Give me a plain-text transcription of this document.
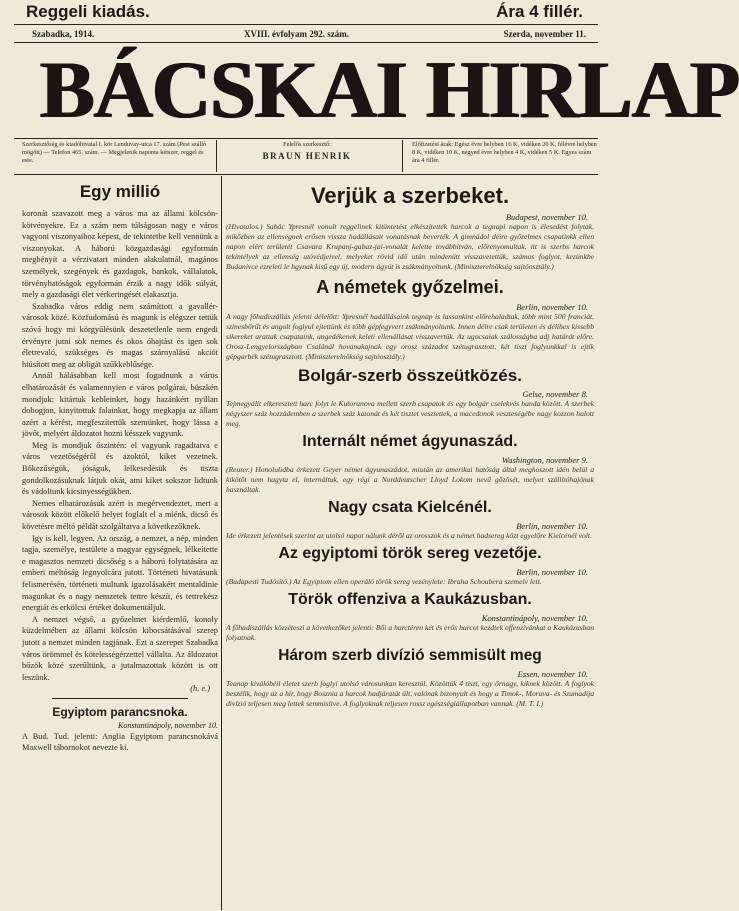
Reggeli kiadás.	Ára 4 fillér.
Szabadka, 1914.	XVIII. évfolyam 292. szám.	Szerda, november 11.
BÁCSKAI HIRLAP
Szerkesztőség és kiadóhivatal I. kör Lenduvay-utca 17. szám (Pest szálló mögött) — Telefon 465. szám. — Megjelenik naponta kétszer, reggel és este.
Felelős szerkesztő:
BRAUN HENRIK
Előfizetési árak: Egész évre helyben 16 K, vidéken 20 K, félévre helyben 8 K, vidéken 10 K, negyed évre helyben 4 K, vidéken 5 K. Egyes szám ára 4 fillér.
Egy millió

koronát szavazott meg a város ma az állami kölcsön-kötvényekre. Ez a szám nem túlságosan nagy e város vagyoni viszonyaihoz képest, de tekintetbe kell vennünk a viszonyokat. A háború közgazdasági egyformán megbényít a vérzivatart minden alakulatnál, magános személyek, szegények és gazdagok, bankok, vállalatok, törvényhatóságok egyformán érzik a nagy idők súlyát, mely a gazdasági élet vérkeringését elakasztja.

Szabadka város eddig nem számíttott a gavallér-városok közé. Közfudomású és magunk is elégszer tettük szóvá hogy mi körgyűlésünk deszetetlenle nem engedi érvényre jutni sok nemes és okos óhajtást és igen sok életrevaló, szükséges és magas szárnyalású akciót hiúsított meg az obligát szűkkeblűsége.

Annál hálásabban kell most fogadnunk a város elhatározását és valamennyien e város polgárai, büszkén mondjuk: kitártuk kebleinket, hogy hazánkért nyillan dobogjon, kinyitottuk falainkat, hogy megkapja az állam azért a kérést, megfeszítettük szemünket, hogy lássa a jövőt, melyért áldozatot hozni késszek vagyunk.

Meg is mondjuk őszintén: el vagyunk ragadtatva e város vezetőségéről és azoktól, kiket vezetnek. Bőkezűségük, jóságuk, lelkesedésük és tiszta gondolkozásuknak látjuk okát, ami kiket sokszor lidtunk és vádoltunk kicsinyességükben.

Nemes elhatározásuk azért is megérvendeztet, mert a városok között előkelő helyet foglalt el a miénk, dicső és követésre méltó példát szolgáltatva a következőknek.

Igy is kell, legyen. Az ország, a nemzet, a nép, minden tagja, személye, testülete a magyar egységnek, lélkeítette e magasztos nemzeti dicsőség s a háború folytatására az emberi méltóság legnyolcára jutott. Történeti hivatásunk felismerésén, történeti multunk igazolásakért mentaldinie magunkat és a nagy nemzetek tettre készít, és tettrekész energiát és erkölcsi értéket dokumentáljuk.

A nemzet végső, a győzelmet kiérdemlő, konoly küzdelmében az állami kölcsön kibocsátásával szerep jutott a nemzet minden tagjának. Ezt a szerepet Szabadka város örömmel és kötelességérzettel vállalta. Az áldozatot bőzök közé szerűltünk, a jutalmazottak között is ott leszünk.

(h. e.)
Egyiptom parancsnoka.
Konstantinápoly, november 10.
A Bud. Tud. jelenti: Anglia Egyiptom parancsnokává Maxwell tábornokot nevezte ki.
Verjük a szerbeket.
Budapest, november 10.
(Hivatalos.) Sabác Ypresnél vonult reggelinek kitüntetést elkészítették harcok a tegnapi napon is élesedést folytak, miközben az ellenségnek erősen vissza hadállásait vonatásnak beverték. A gimnádol déire győzelmes csapatinkk ellen napon elért területét Csavara Krupanj-gabaz-jai-vonalát kelette továbbítván, előrenyomultak, itt is szerbs harcok tekintélyek az ellenség utóvédjeivel, melyeket rövid idő után mindenütt visszavetettük, számos foglyot, kezünkbe Budanivce ezreleti le hgynak kisű egy új, modern ágyút is zsákmányoltunk. (Miniszterelnökség sajtóosztály.)
A németek győzelmei.
Berlin, november 10.
A nagy főhadiszállás jelenti délelőtt: Ypresnél hadállásaink tegnap is lassankint előrehaladtak, több mint 500 franciát, szinesbőrűt és angolt foglyul ejtettünk és több gépfegyvert zsákmányoltunk. Innen délre csak területen és délibex kissebb sikereket arattak csapataink, ungedékenek keleti ellenállásat visszavertük. Az ugocsaiak szálosságba adj határát előre. Orosz-Lengyelországban Csalánál hovanakajnak egy orosz századot szétugrasztott, két tiszt foglyunkkal is ejtik gépgarbék szétugrasztott. (Miniszterelnökség sajtóosztály.)
Bolgár-szerb összeütközés.
Gelse, november 8.
Tejmegyálít elkeresztett harc folyt le Kutoranova mellett szerb csapatok és egy bolgár cselekvés banda között. A szerbek négyszer száz hozzádemben a szerbek száz katonát és két tisztet vesztettek, a macedonok veszteségébe nagy kozzon halott meg.
Internált német ágyunaszád.
Washington, november 9.
(Reuter.) Honolulidba érkezett Geyer német ágyunaszádot, miután az amerikai hatóság által meghoszott idén belül a kikötőt nem hagyta el, internáltuk, egy régi a Norddeutscher Lloyd Lokom nevű gőzösét, melyet szállítóhajónak használtak.
Nagy csata Kielcénél.
Berlin, november 10.
Ide érkezett jelentések szerint az utolsó napot nálunk déről az orosszok és a német hadsereg közt egyelőre Kielcénél volt.
Az egyiptomi török sereg vezetője.
Berlin, november 10.
(Budapesti Tudósító.) Az Egyiptom ellen operáló török sereg vezénylete: Ibraha Schoubera szemelv lett.
Török offenziva a Kaukázusban.
Konstantinápoly, november 10.
A főhadiszállás közzéteszi a következőket jelenti: Bői a harctéren két és erős harcot kezdtek offenzívánkat a Kaukázusban folyatnak.
Három szerb divízió semmisült meg
Essen, november 10.
Teanap kiválóbéil életet szerb foglyi utolsó városunkan keresztül. Közöttük 4 tiszt, egy őrnagy, kiknek között. A foglyok beszélik, hogy az a hír, hogy Bosznia a harcok hadjáratát ült, valónak bizonyult és hogy a Timok-, Morava- és Szumadija divízió teljesen meg lettek semmisítve. A foglyoknak teljesen rossz egészségiállapotban vannak. (M. T. I.)
